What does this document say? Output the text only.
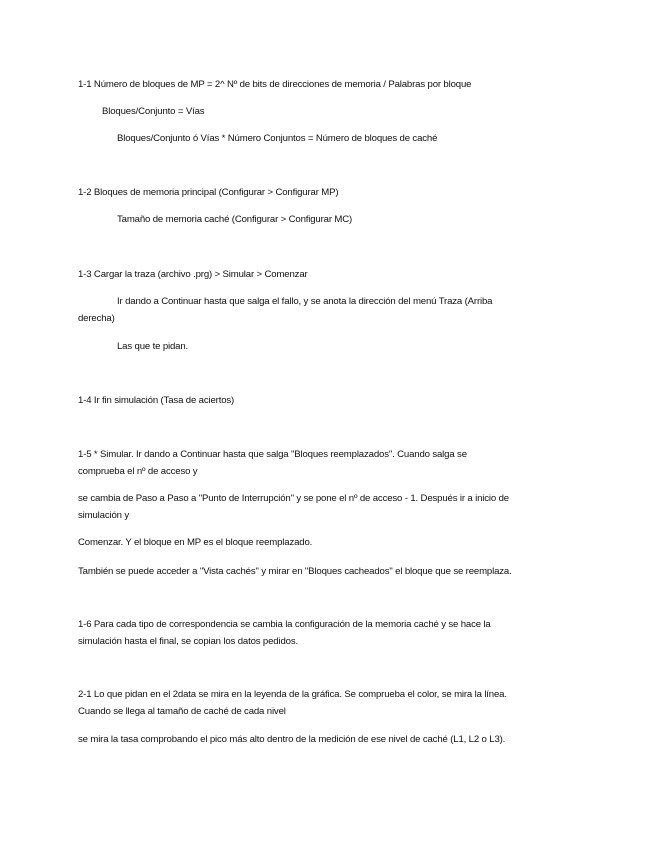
1-1 Número de bloques de MP = 2^ Nº de bits de direcciones de memoria / Palabras por bloque
Bloques/Conjunto = Vías
Bloques/Conjunto ó Vías * Número Conjuntos = Número de bloques de caché
1-2 Bloques de memoria principal (Configurar > Configurar MP)
Tamaño de memoria caché (Configurar > Configurar MC)
1-3 Cargar la traza (archivo .prg) > Simular > Comenzar
Ir dando a Continuar hasta que salga el fallo, y se anota la dirección del menú Traza (Arriba
derecha)
Las que te pidan.
1-4 Ir fin simulación (Tasa de aciertos)
1-5 * Simular. Ir dando a Continuar hasta que salga "Bloques reemplazados". Cuando salga se
comprueba el nº de acceso y
se cambia de Paso a Paso a "Punto de Interrupción" y se pone el nº de acceso - 1. Después ir a inicio de
simulación y
Comenzar. Y el bloque en MP es el bloque reemplazado.
También se puede acceder a "Vista cachés" y mirar en "Bloques cacheados" el bloque que se reemplaza.
1-6 Para cada tipo de correspondencia se cambia la configuración de la memoria caché y se hace la
simulación hasta el final, se copian los datos pedidos.
2-1 Lo que pidan en el 2data se mira en la leyenda de la gráfica. Se comprueba el color, se mira la línea.
Cuando se llega al tamaño de caché de cada nivel
se mira la tasa comprobando el pico más alto dentro de la medición de ese nivel de caché (L1, L2 o L3).
